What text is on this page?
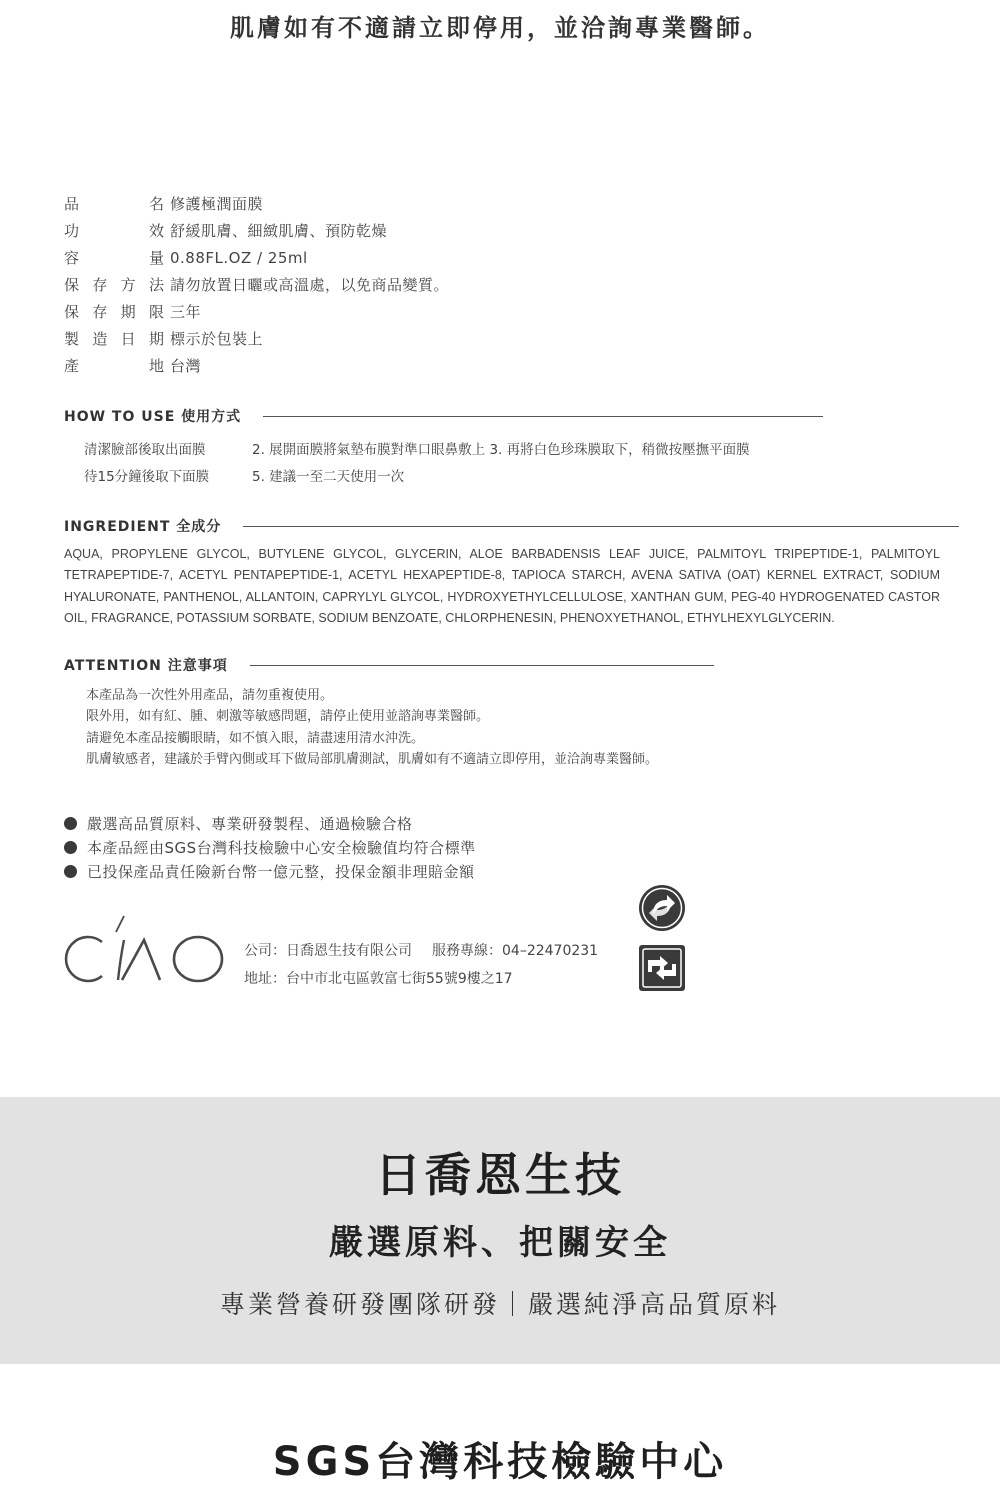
肌膚如有不適請立即停用，並洽詢專業醫師。
品	名 修護極潤面膜
功	效 舒緩肌膚、細緻肌膚、預防乾燥
容	量 0.88FL.OZ / 25ml
保 存 方 法 請勿放置日曬或高溫處，以免商品變質。
保 存 期 限 三年
製 造 日 期 標示於包裝上
產	地 台灣
HOW TO USE 使用方式
清潔臉部後取出面膜	2. 展開面膜將氣墊布膜對準口眼鼻敷上 3. 再將白色珍珠膜取下，稍微按壓撫平面膜
待15分鐘後取下面膜	5. 建議一至二天使用一次
INGREDIENT 全成分
AQUA, PROPYLENE GLYCOL, BUTYLENE GLYCOL, GLYCERIN, ALOE BARBADENSIS LEAF JUICE, PALMITOYL TRIPEPTIDE-1, PALMITOYL TETRAPEPTIDE-7, ACETYL PENTAPEPTIDE-1, ACETYL HEXAPEPTIDE-8, TAPIOCA STARCH, AVENA SATIVA (OAT) KERNEL EXTRACT, SODIUM HYALURONATE, PANTHENOL, ALLANTOIN, CAPRYLYL GLYCOL, HYDROXYETHYLCELLULOSE, XANTHAN GUM, PEG-40 HYDROGENATED CASTOR OIL, FRAGRANCE, POTASSIUM SORBATE, SODIUM BENZOATE, CHLORPHENESIN, PHENOXYETHANOL, ETHYLHEXYLGLYCERIN.
ATTENTION 注意事項
本產品為一次性外用產品，請勿重複使用。
限外用，如有紅、腫、刺激等敏感問題，請停止使用並諮詢專業醫師。
請避免本產品接觸眼睛，如不慎入眼，請盡速用清水沖洗。
肌膚敏感者，建議於手臂內側或耳下做局部肌膚測試，肌膚如有不適請立即停用，並洽詢專業醫師。
嚴選高品質原料、專業研發製程、通過檢驗合格
本產品經由SGS台灣科技檢驗中心安全檢驗值均符合標準
已投保產品責任險新台幣一億元整，投保金額非理賠金額
公司：日喬恩生技有限公司 服務專線：04–22470231
地址：台中市北屯區敦富七街55號9樓之17
日喬恩生技
嚴選原料、把關安全
專業營養研發團隊研發｜嚴選純淨高品質原料
SGS台灣科技檢驗中心
